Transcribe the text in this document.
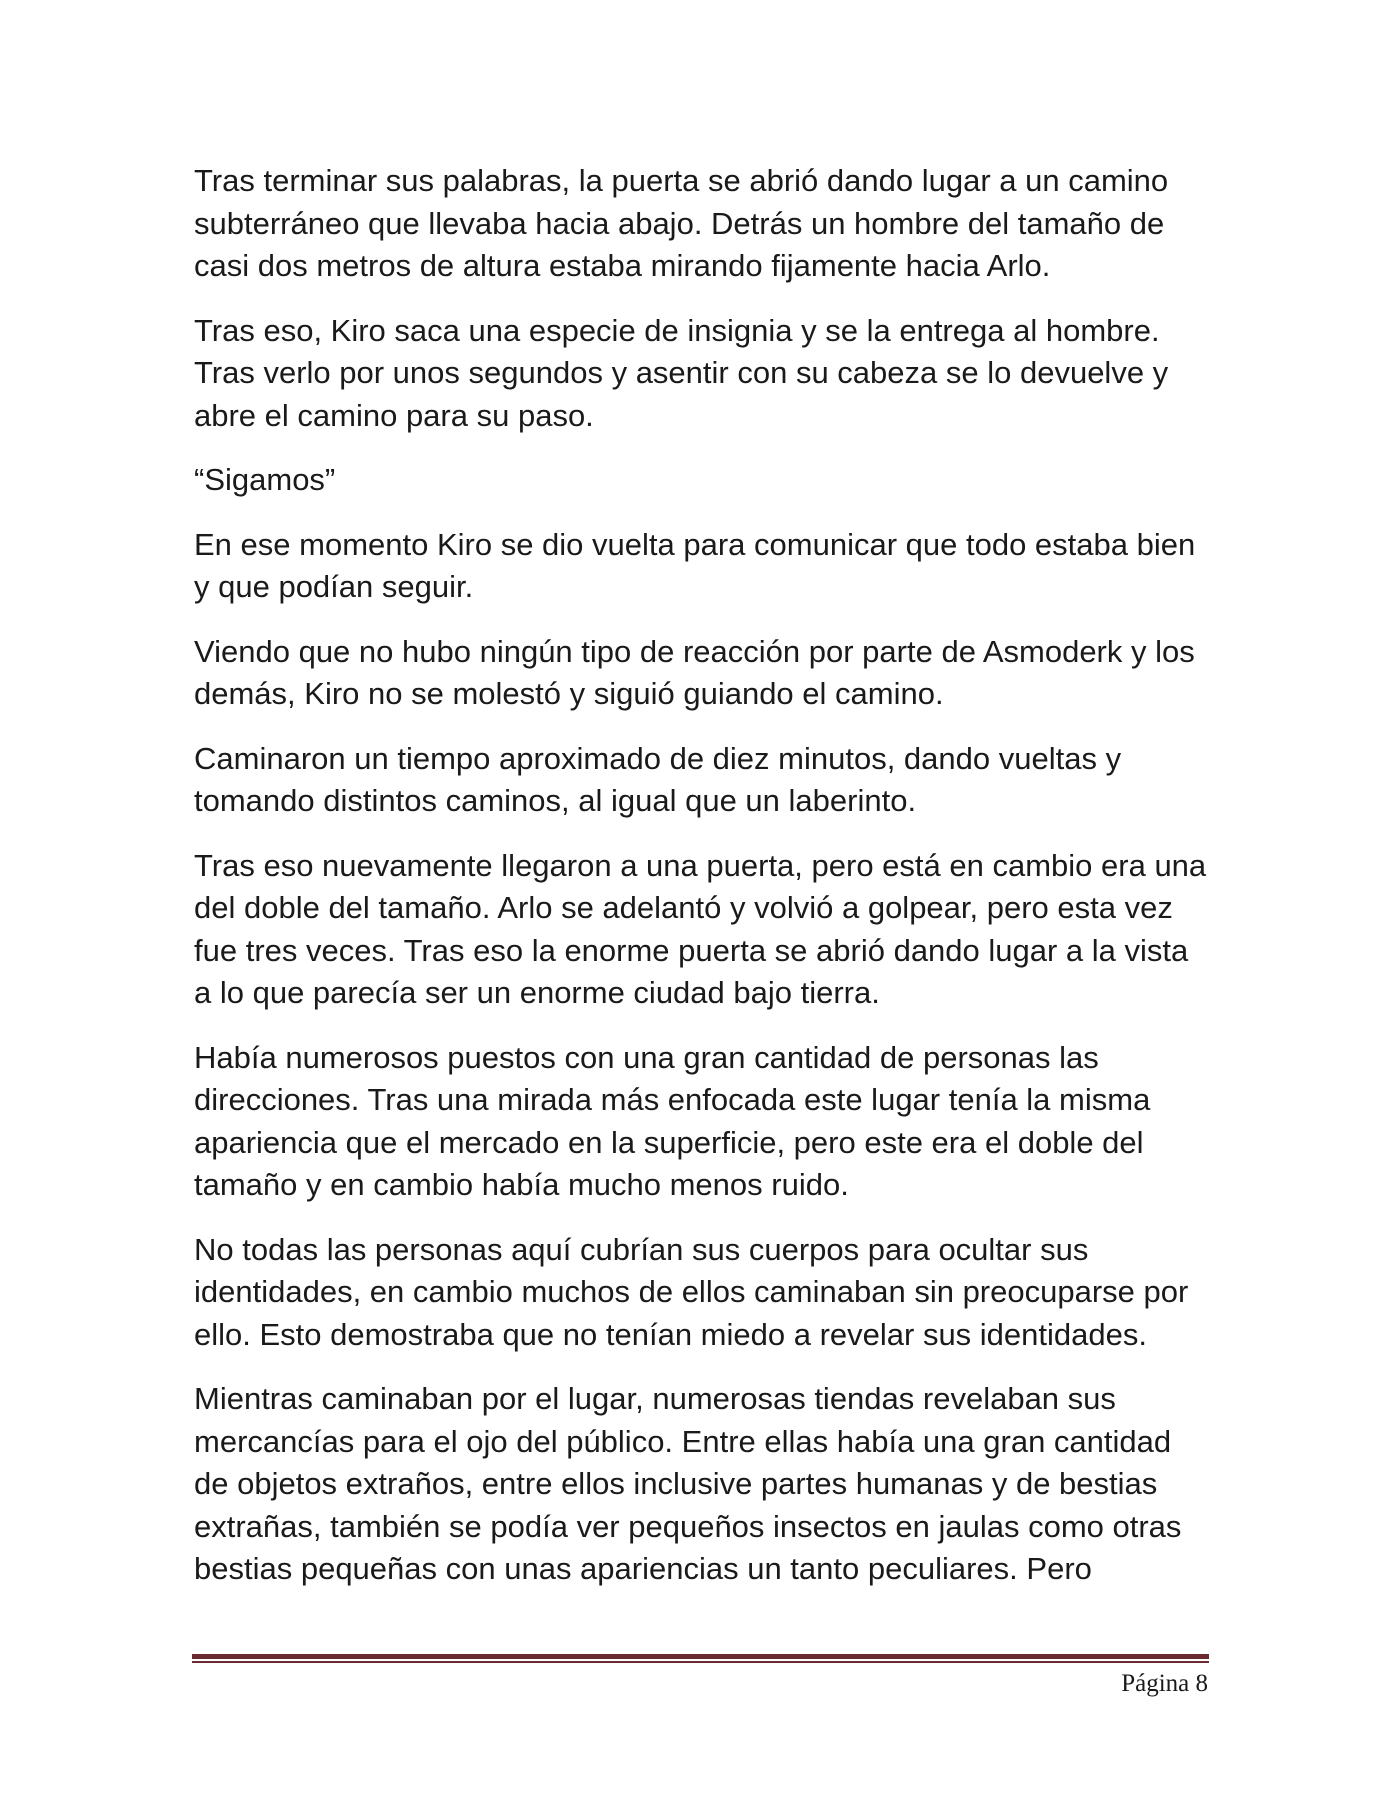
Tras terminar sus palabras, la puerta se abrió dando lugar a un camino subterráneo que llevaba hacia abajo. Detrás un hombre del tamaño de casi dos metros de altura estaba mirando fijamente hacia Arlo.

Tras eso, Kiro saca una especie de insignia y se la entrega al hombre. Tras verlo por unos segundos y asentir con su cabeza se lo devuelve y abre el camino para su paso.

“Sigamos”

En ese momento Kiro se dio vuelta para comunicar que todo estaba bien y que podían seguir.

Viendo que no hubo ningún tipo de reacción por parte de Asmoderk y los demás, Kiro no se molestó y siguió guiando el camino.

Caminaron un tiempo aproximado de diez minutos, dando vueltas y tomando distintos caminos, al igual que un laberinto.

Tras eso nuevamente llegaron a una puerta, pero está en cambio era una del doble del tamaño. Arlo se adelantó y volvió a golpear, pero esta vez fue tres veces. Tras eso la enorme puerta se abrió dando lugar a la vista a lo que parecía ser un enorme ciudad bajo tierra.

Había numerosos puestos con una gran cantidad de personas las direcciones. Tras una mirada más enfocada este lugar tenía la misma apariencia que el mercado en la superficie, pero este era el doble del tamaño y en cambio había mucho menos ruido.

No todas las personas aquí cubrían sus cuerpos para ocultar sus identidades, en cambio muchos de ellos caminaban sin preocuparse por ello. Esto demostraba que no tenían miedo a revelar sus identidades.

Mientras caminaban por el lugar, numerosas tiendas revelaban sus mercancías para el ojo del público. Entre ellas había una gran cantidad de objetos extraños, entre ellos inclusive partes humanas y de bestias extrañas, también se podía ver pequeños insectos en jaulas como otras bestias pequeñas con unas apariencias un tanto peculiares. Pero

Página 8
